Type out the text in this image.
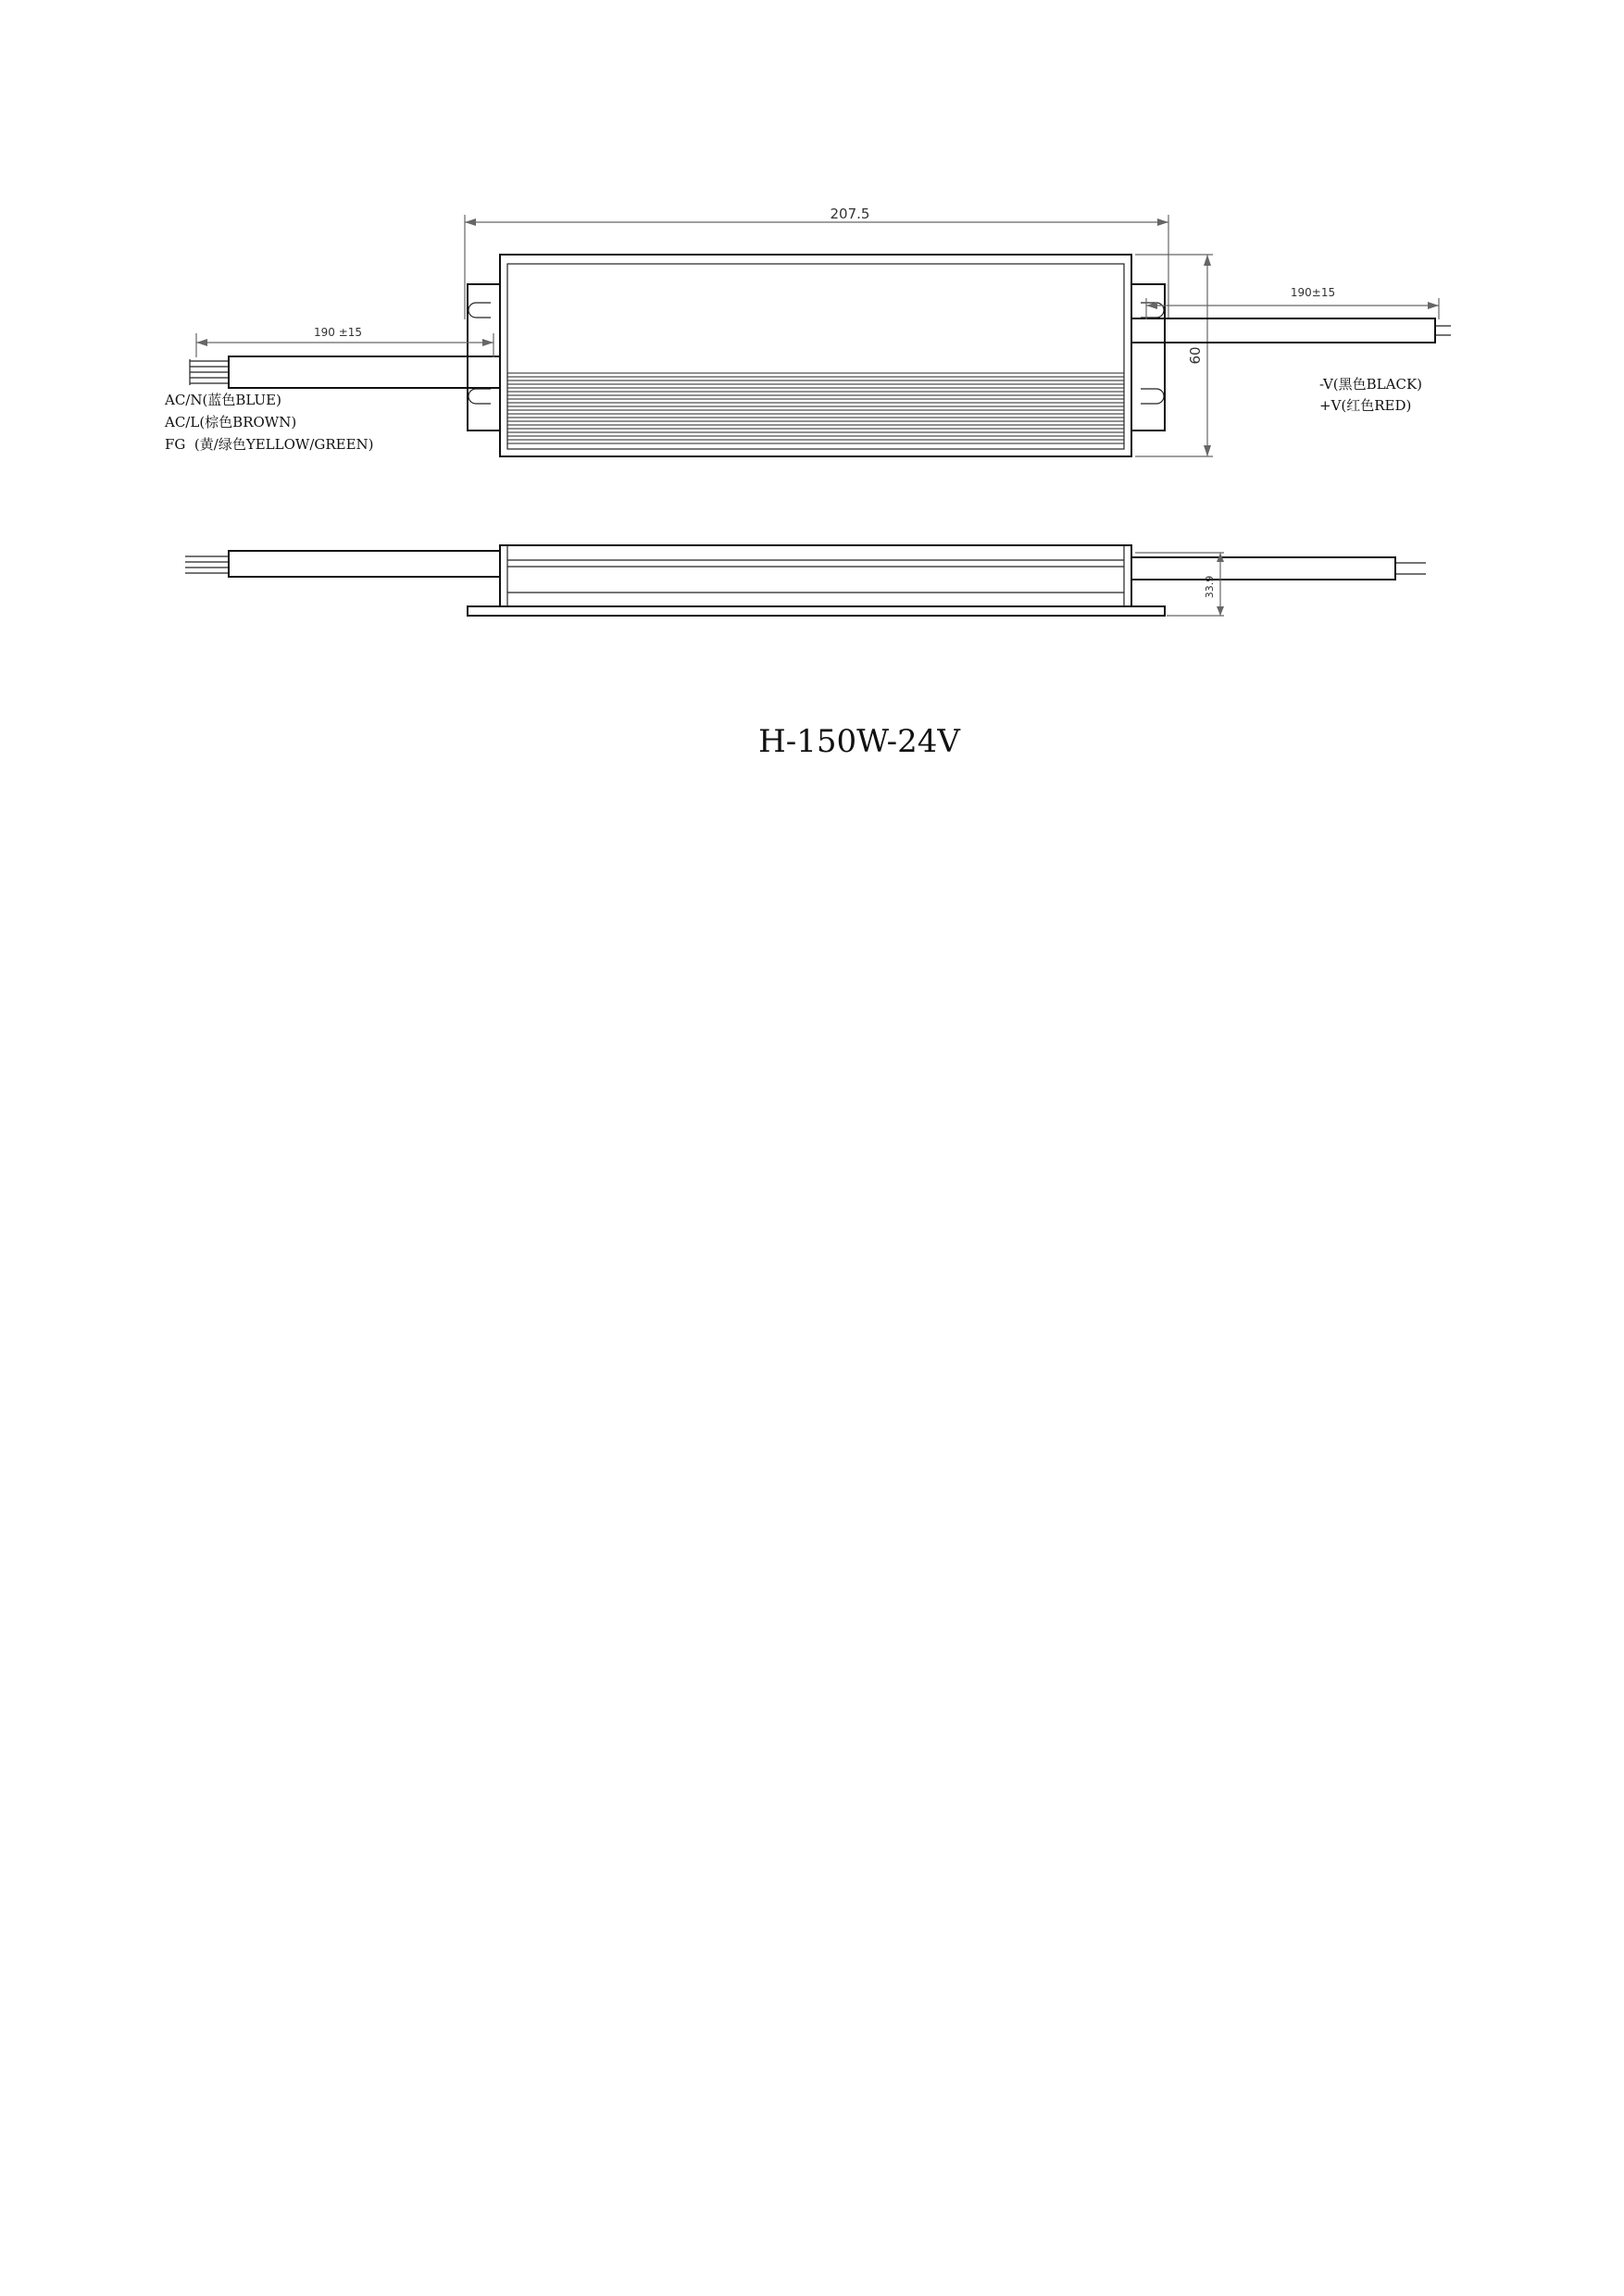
207.5
60
190 ±15
190±15
AC/N(蓝色BLUE)
AC/L(棕色BROWN)
FG  (黄/绿色YELLOW/GREEN)
-V(黑色BLACK)
+V(红色RED)
33.9
H-150W-24V
